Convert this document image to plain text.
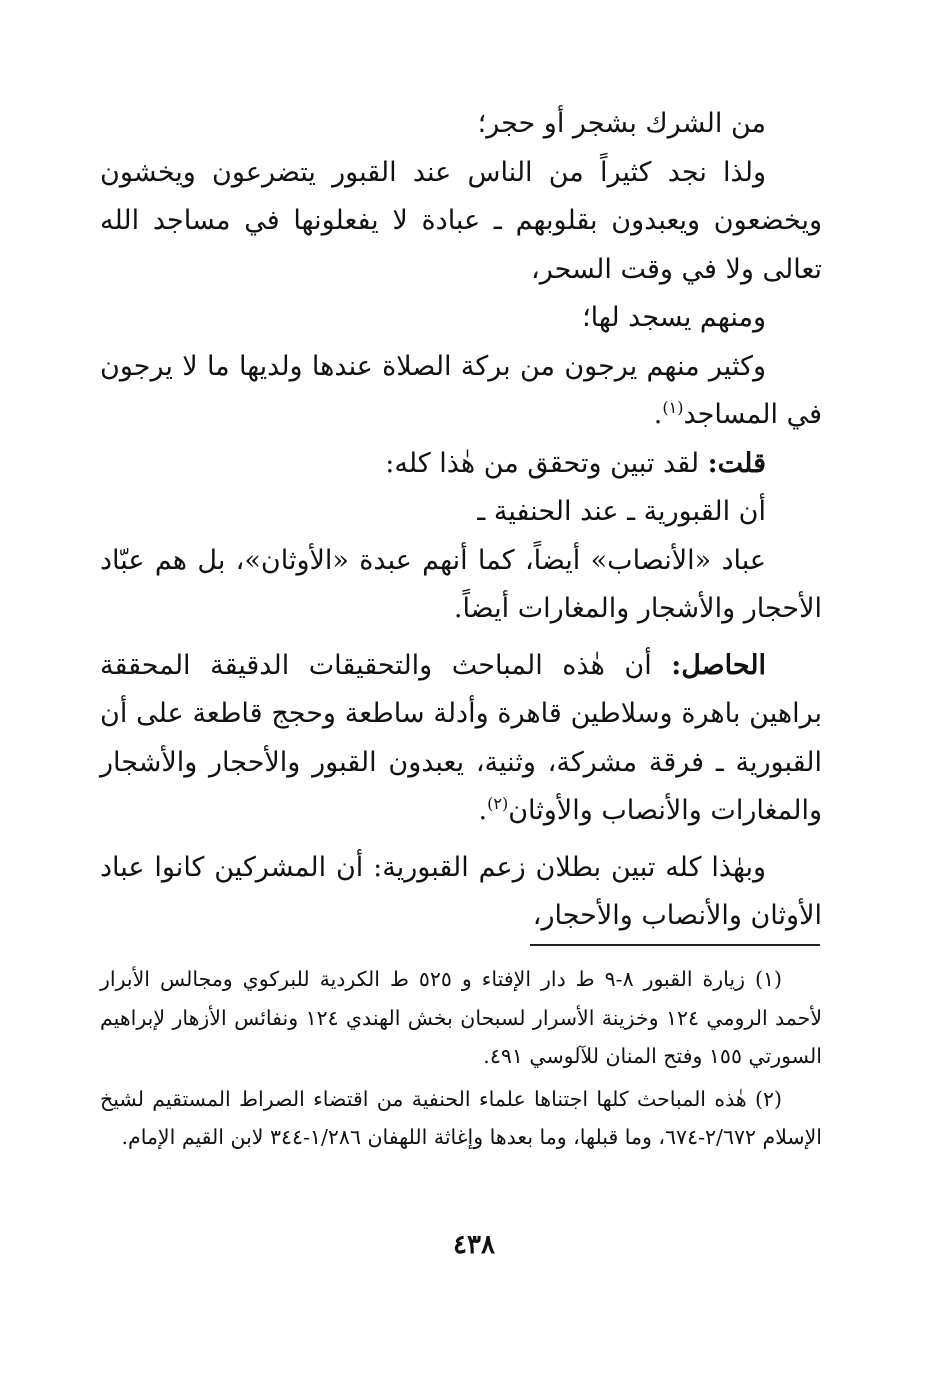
من الشرك بشجر أو حجر؛

ولذا نجد كثيراً من الناس عند القبور يتضرعون ويخشون ويخضعون ويعبدون بقلوبهم ـ عبادة لا يفعلونها في مساجد الله تعالى ولا في وقت السحر،

ومنهم يسجد لها؛

وكثير منهم يرجون من بركة الصلاة عندها ولديها ما لا يرجون في المساجد$^{(١)}$.

قلت: لقد تبين وتحقق من هٰذا كله:

أن القبورية ـ عند الحنفية ـ

عباد «الأنصاب» أيضاً، كما أنهم عبدة «الأوثان»، بل هم عبّاد الأحجار والأشجار والمغارات أيضاً.

الحاصل: أن هٰذه المباحث والتحقيقات الدقيقة المحققة براهين باهرة وسلاطين قاهرة وأدلة ساطعة وحجج قاطعة على أن القبورية ـ فرقة مشركة، وثنية، يعبدون القبور والأحجار والأشجار والمغارات والأنصاب والأوثان$^{(٢)}$.

وبهٰذا كله تبين بطلان زعم القبورية: أن المشركين كانوا عباد الأوثان والأنصاب والأحجار،

(١) زيارة القبور ٨-٩ ط دار الإفتاء و ٥٢٥ ط الكردية للبركوي ومجالس الأبرار لأحمد الرومي ١٢٤ وخزينة الأسرار لسبحان بخش الهندي ١٢٤ ونفائس الأزهار لإبراهيم السورتي ١٥٥ وفتح المنان للآلوسي ٤٩١.

(٢) هٰذه المباحث كلها اجتناها علماء الحنفية من اقتضاء الصراط المستقيم لشيخ الإسلام ٢/٦٧٢-٦٧٤، وما قبلها، وما بعدها وإغاثة اللهفان ١/٢٨٦-٣٤٤ لابن القيم الإمام.

٤٣٨
